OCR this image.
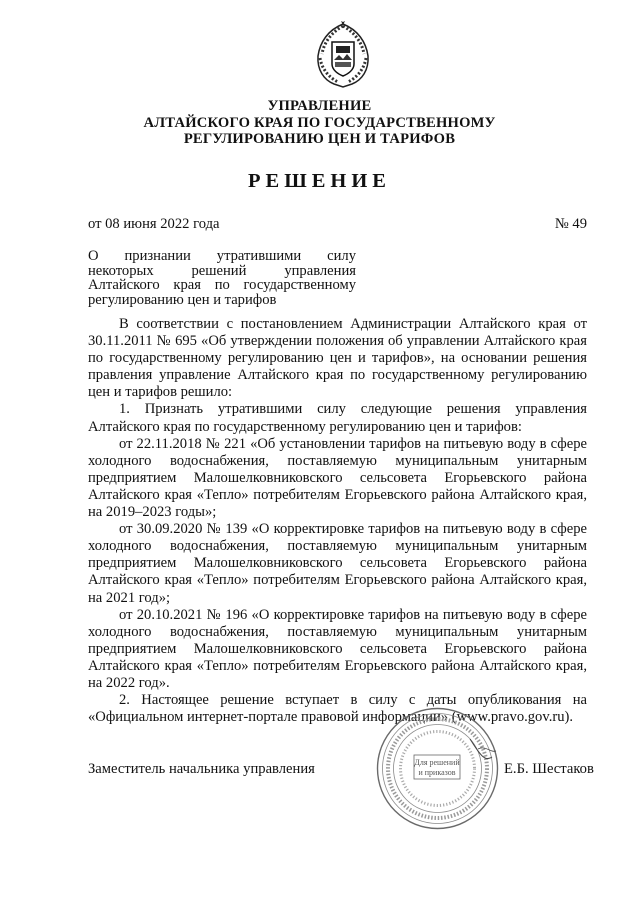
УПРАВЛЕНИЕ
АЛТАЙСКОГО КРАЯ ПО ГОСУДАРСТВЕННОМУ
РЕГУЛИРОВАНИЮ ЦЕН И ТАРИФОВ
РЕШЕНИЕ
от 08 июня 2022 года	№ 49
О признании утратившими силу некоторых решений управления Алтайского края по государственному регулированию цен и тарифов

В соответствии с постановлением Администрации Алтайского края от 30.11.2011 № 695 «Об утверждении положения об управлении Алтайского края по государственному регулированию цен и тарифов», на основании решения правления управление Алтайского края по государственному регулированию цен и тарифов решило:

1. Признать утратившими силу следующие решения управления Алтайского края по государственному регулированию цен и тарифов:

от 22.11.2018 № 221 «Об установлении тарифов на питьевую воду в сфере холодного водоснабжения, поставляемую муниципальным унитарным предприятием Малошелковниковского сельсовета Егорьевского района Алтайского края «Тепло» потребителям Егорьевского района Алтайского края, на 2019–2023 годы»;

от 30.09.2020 № 139 «О корректировке тарифов на питьевую воду в сфере холодного водоснабжения, поставляемую муниципальным унитарным предприятием Малошелковниковского сельсовета Егорьевского района Алтайского края «Тепло» потребителям Егорьевского района Алтайского края, на 2021 год»;

от 20.10.2021 № 196 «О корректировке тарифов на питьевую воду в сфере холодного водоснабжения, поставляемую муниципальным унитарным предприятием Малошелковниковского сельсовета Егорьевского района Алтайского края «Тепло» потребителям Егорьевского района Алтайского края, на 2022 год».

2. Настоящее решение вступает в силу с даты опубликования на «Официальном интернет-портале правовой информации» (www.pravo.gov.ru).

Заместитель начальника управления	Для решений
и приказов	Е.Б. Шестаков
